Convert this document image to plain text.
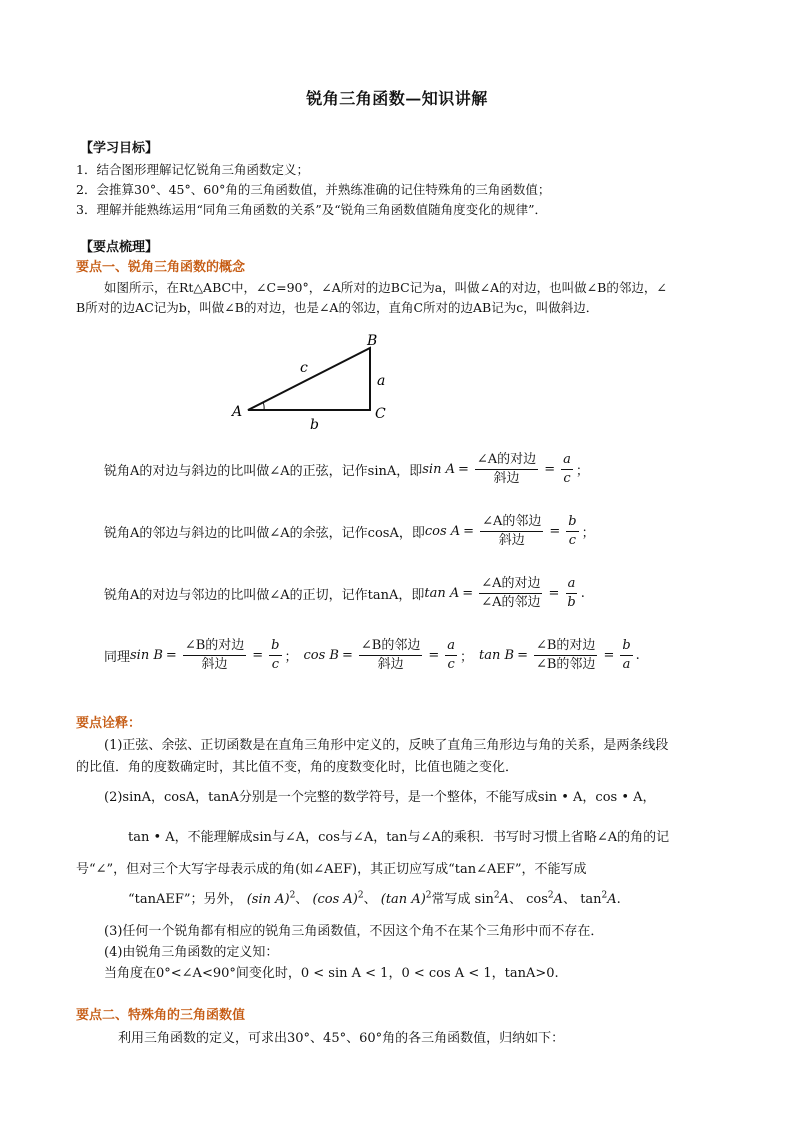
锐角三角函数—知识讲解
【学习目标】
1．结合图形理解记忆锐角三角函数定义；
2．会推算30°、45°、60°角的三角函数值，并熟练准确的记住特殊角的三角函数值；
3．理解并能熟练运用“同角三角函数的关系”及“锐角三角函数值随角度变化的规律”．
【要点梳理】
要点一、锐角三角函数的概念
如图所示，在Rt△ABC中，∠C=90°，∠A所对的边BC记为a，叫做∠A的对边，也叫做∠B的邻边，∠
B所对的边AC记为b，叫做∠B的对边，也是∠A的邻边，直角C所对的边AB记为c，叫做斜边．
A
B
C
a
b
c
锐角A的对边与斜边的比叫做∠A的正弦，记作sinA，即 $\sin A = \frac{\text{∠A的对边}}{\text{斜边}} = \frac{a}{c}$ ；
锐角A的邻边与斜边的比叫做∠A的余弦，记作cosA，即 $\cos A = \frac{\text{∠A的邻边}}{\text{斜边}} = \frac{b}{c}$ ；
锐角A的对边与邻边的比叫做∠A的正切，记作tanA，即 $\tan A = \frac{\text{∠A的对边}}{\text{∠A的邻边}} = \frac{a}{b}$ .
同理 $\sin B = \frac{\text{∠B的对边}}{\text{斜边}} = \frac{b}{c}$ ； $\cos B = \frac{\text{∠B的邻边}}{\text{斜边}} = \frac{a}{c}$ ； $\tan B = \frac{\text{∠B的对边}}{\text{∠B的邻边}} = \frac{b}{a}$ .
要点诠释：
(1)正弦、余弦、正切函数是在直角三角形中定义的，反映了直角三角形边与角的关系，是两条线段
的比值．角的度数确定时，其比值不变，角的度数变化时，比值也随之变化．
(2)sinA，cosA，tanA分别是一个完整的数学符号，是一个整体，不能写成sin • A，cos • A，
tan • A，不能理解成sin与∠A，cos与∠A，tan与∠A的乘积．书写时习惯上省略∠A的角的记
号“∠”，但对三个大写字母表示成的角(如∠AEF)，其正切应写成“tan∠AEF”，不能写成
“tanAEF”；另外， (sin A)$^2$、 (cos A)$^2$、 (tan A)$^2$常写成 $\sin^2A$、 $\cos^2A$、 $\tan^2A$.
(3)任何一个锐角都有相应的锐角三角函数值，不因这个角不在某个三角形中而不存在．
(4)由锐角三角函数的定义知：
当角度在0°<∠A<90°间变化时，0 < sin A < 1，0 < cos A < 1，tanA>0.
要点二、特殊角的三角函数值
利用三角函数的定义，可求出30°、45°、60°角的各三角函数值，归纳如下：
